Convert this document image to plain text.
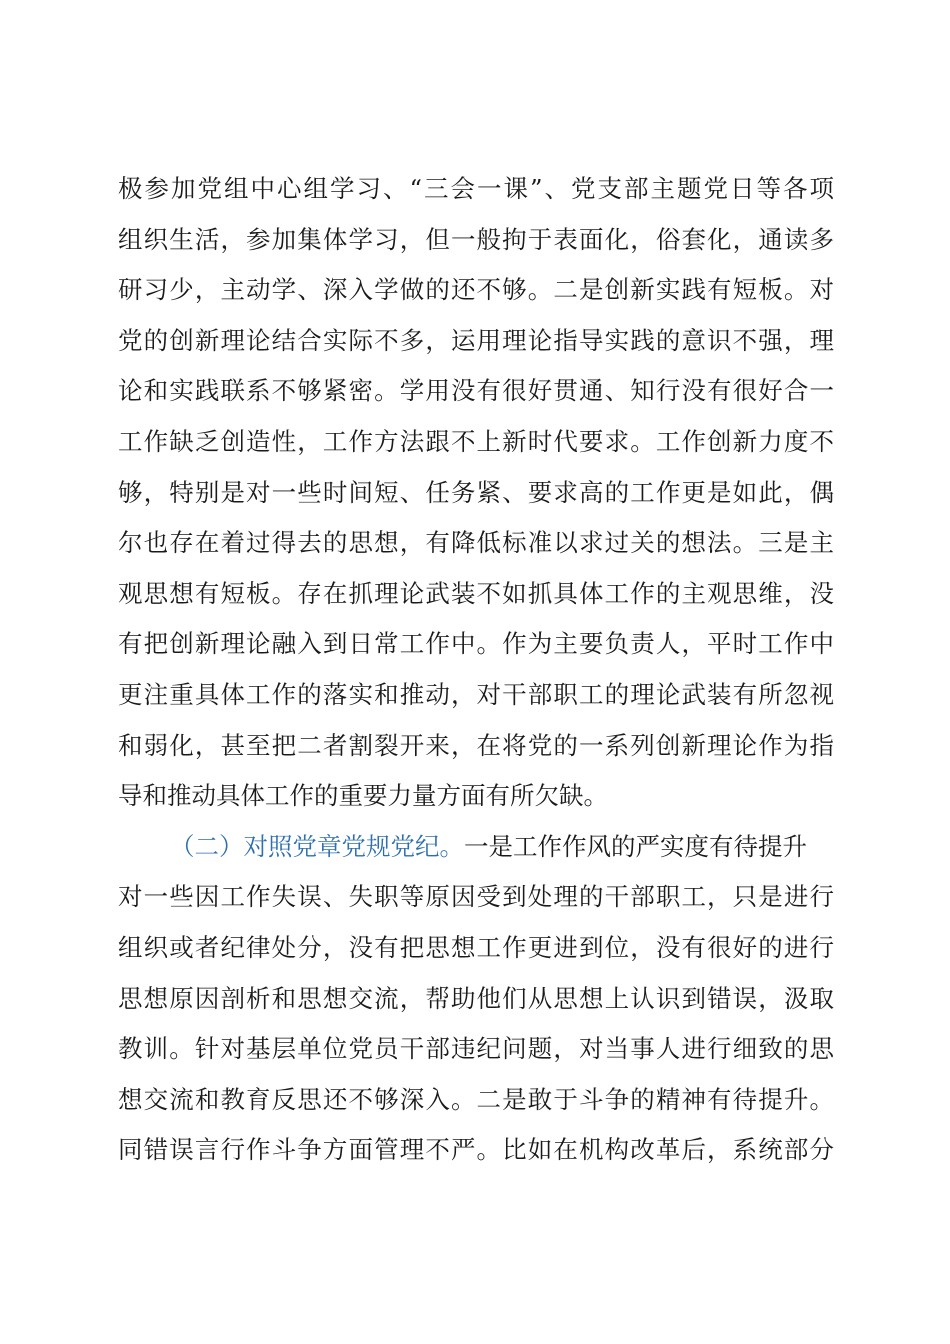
极参加党组中心组学习、“三会一课”、党支部主题党日等各项
组织生活，参加集体学习，但一般拘于表面化，俗套化，通读多
研习少，主动学、深入学做的还不够。二是创新实践有短板。对
党的创新理论结合实际不多，运用理论指导实践的意识不强，理
论和实践联系不够紧密。学用没有很好贯通、知行没有很好合一
工作缺乏创造性，工作方法跟不上新时代要求。工作创新力度不
够，特别是对一些时间短、任务紧、要求高的工作更是如此，偶
尔也存在着过得去的思想，有降低标准以求过关的想法。三是主
观思想有短板。存在抓理论武装不如抓具体工作的主观思维，没
有把创新理论融入到日常工作中。作为主要负责人，平时工作中
更注重具体工作的落实和推动，对干部职工的理论武装有所忽视
和弱化，甚至把二者割裂开来，在将党的一系列创新理论作为指
导和推动具体工作的重要力量方面有所欠缺。
（二）对照党章党规党纪。一是工作作风的严实度有待提升
对一些因工作失误、失职等原因受到处理的干部职工，只是进行
组织或者纪律处分，没有把思想工作更进到位，没有很好的进行
思想原因剖析和思想交流，帮助他们从思想上认识到错误，汲取
教训。针对基层单位党员干部违纪问题，对当事人进行细致的思
想交流和教育反思还不够深入。二是敢于斗争的精神有待提升。
同错误言行作斗争方面管理不严。比如在机构改革后，系统部分
